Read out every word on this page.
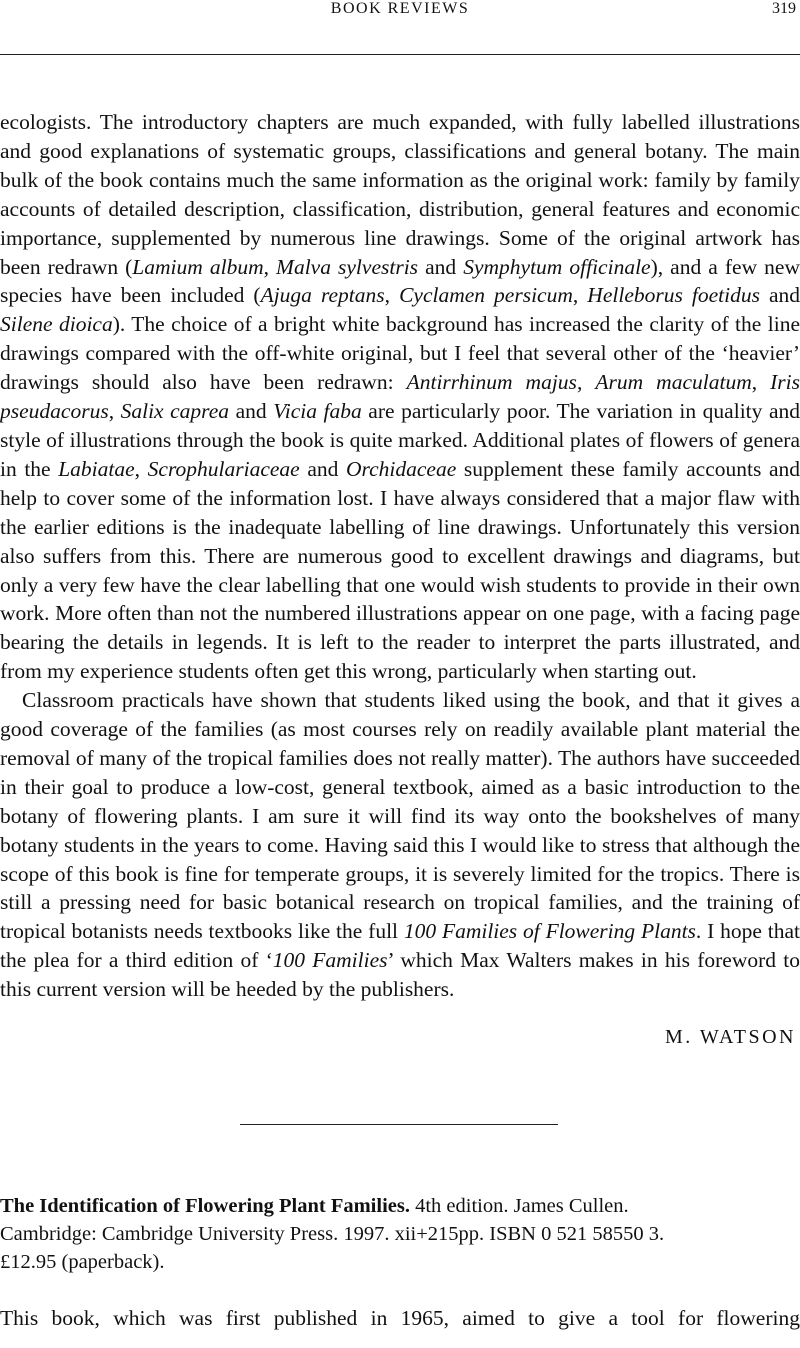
BOOK REVIEWS	319

ecologists. The introductory chapters are much expanded, with fully labelled illustrations and good explanations of systematic groups, classifications and general botany. The main bulk of the book contains much the same information as the original work: family by family accounts of detailed description, classification, distribution, general features and economic importance, supplemented by numerous line drawings. Some of the original artwork has been redrawn (Lamium album, Malva sylvestris and Symphytum officinale), and a few new species have been included (Ajuga reptans, Cyclamen persicum, Helleborus foetidus and Silene dioica). The choice of a bright white background has increased the clarity of the line drawings compared with the off-white original, but I feel that several other of the ‘heavier’ drawings should also have been redrawn: Antirrhinum majus, Arum maculatum, Iris pseudacorus, Salix caprea and Vicia faba are particularly poor. The variation in quality and style of illustrations through the book is quite marked. Additional plates of flowers of genera in the Labiatae, Scrophulariaceae and Orchidaceae supplement these family accounts and help to cover some of the information lost. I have always considered that a major flaw with the earlier editions is the inadequate labelling of line drawings. Unfortunately this version also suffers from this. There are numerous good to excellent drawings and diagrams, but only a very few have the clear labelling that one would wish students to provide in their own work. More often than not the numbered illustrations appear on one page, with a facing page bearing the details in legends. It is left to the reader to interpret the parts illustrated, and from my experience students often get this wrong, particularly when starting out.

Classroom practicals have shown that students liked using the book, and that it gives a good coverage of the families (as most courses rely on readily available plant material the removal of many of the tropical families does not really matter). The authors have succeeded in their goal to produce a low-cost, general textbook, aimed as a basic introduction to the botany of flowering plants. I am sure it will find its way onto the bookshelves of many botany students in the years to come. Having said this I would like to stress that although the scope of this book is fine for temperate groups, it is severely limited for the tropics. There is still a pressing need for basic botanical research on tropical families, and the training of tropical botanists needs textbooks like the full 100 Families of Flowering Plants. I hope that the plea for a third edition of ‘100 Families’ which Max Walters makes in his foreword to this current version will be heeded by the publishers.

M. WATSON
The Identification of Flowering Plant Families. 4th edition. James Cullen.
Cambridge: Cambridge University Press. 1997. xii+215pp. ISBN 0 521 58550 3.
£12.95 (paperback).
This book, which was first published in 1965, aimed to give a tool for flowering
